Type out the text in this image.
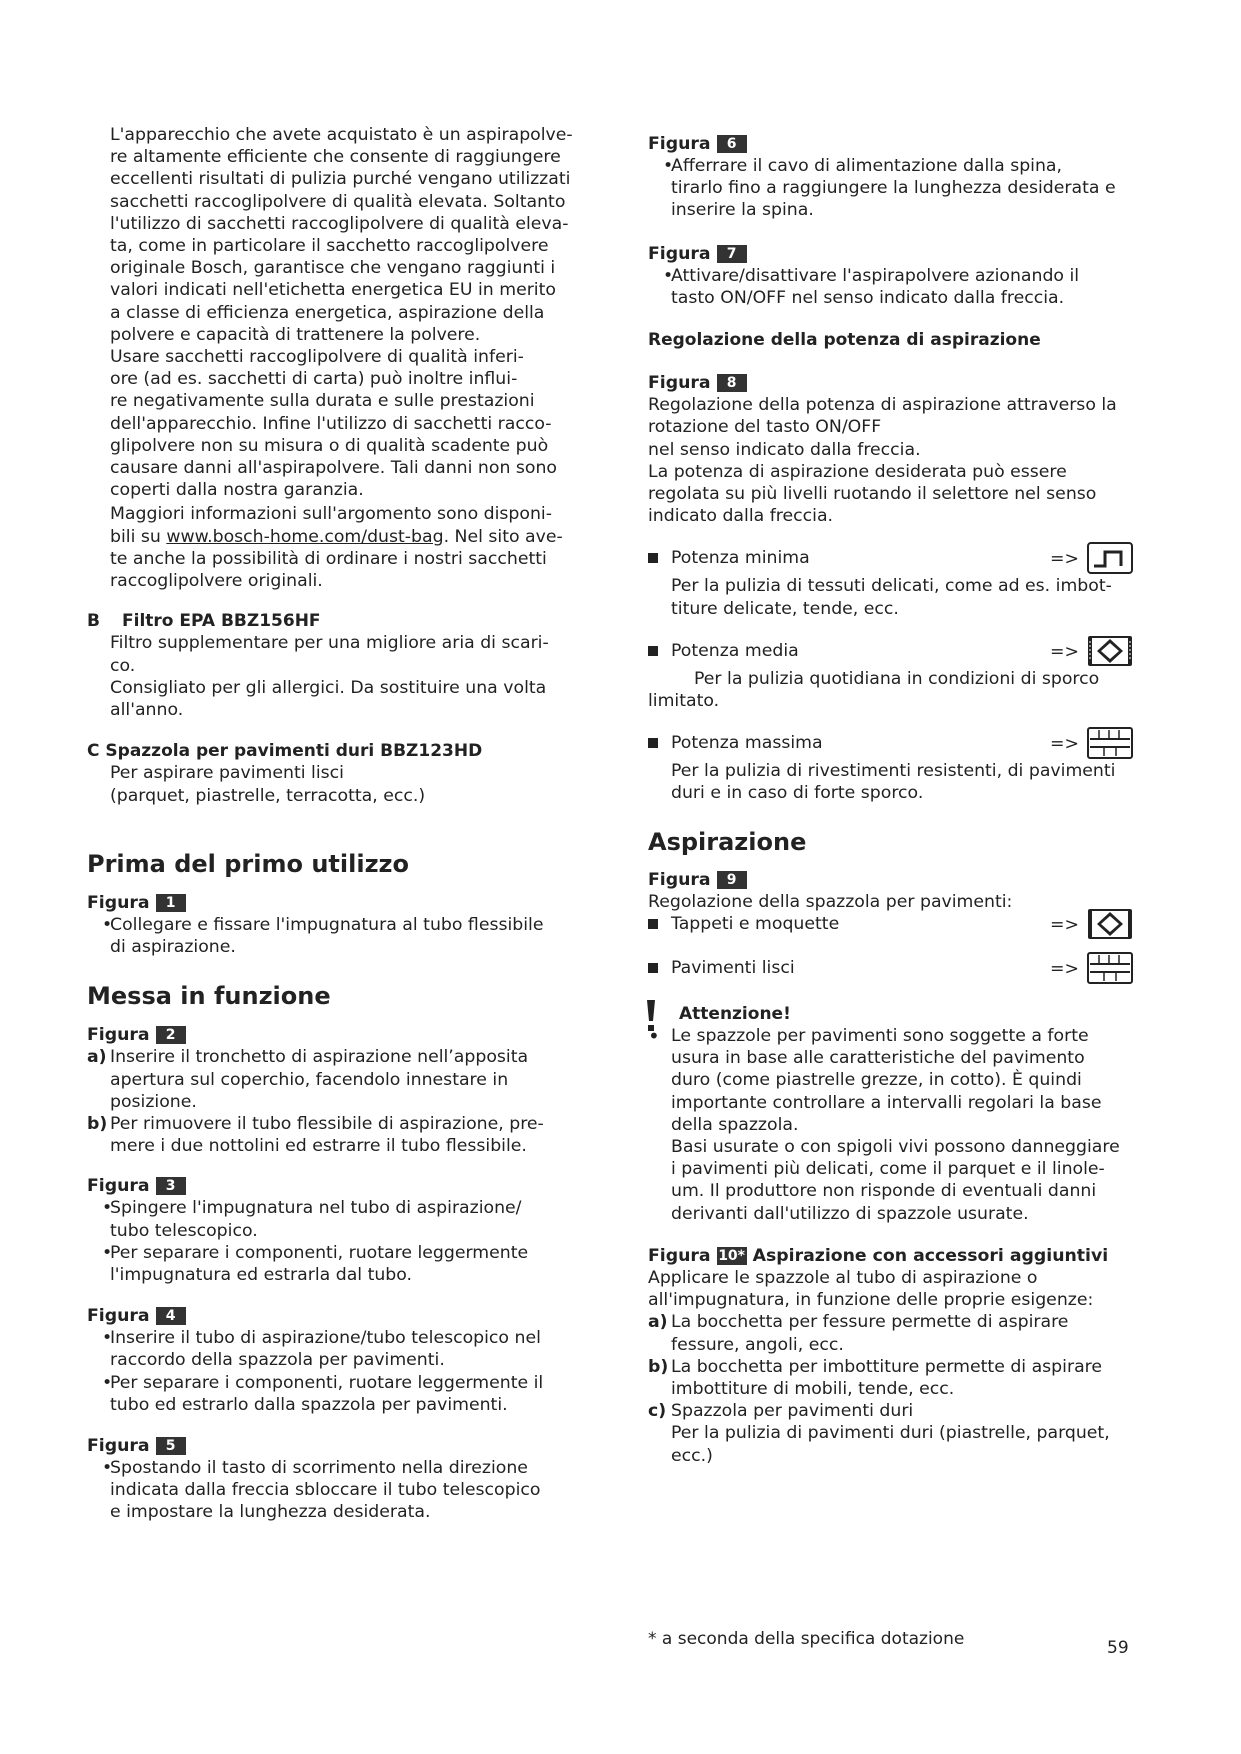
L'apparecchio che avete acquistato è un aspirapolve-

re altamente efficiente che consente di raggiungere

eccellenti risultati di pulizia purché vengano utilizzati

sacchetti raccoglipolvere di qualità elevata. Soltanto

l'utilizzo di sacchetti raccoglipolvere di qualità eleva-

ta, come in particolare il sacchetto raccoglipolvere

originale Bosch, garantisce che vengano raggiunti i

valori indicati nell'etichetta energetica EU in merito

a classe di efficienza energetica, aspirazione della

polvere e capacità di trattenere la polvere.

Usare sacchetti raccoglipolvere di qualità inferi-

ore (ad es. sacchetti di carta) può inoltre influi-

re negativamente sulla durata e sulle prestazioni

dell'apparecchio. Infine l'utilizzo di sacchetti racco-

glipolvere non su misura o di qualità scadente può

causare danni all'aspirapolvere. Tali danni non sono

coperti dalla nostra garanzia.

Maggiori informazioni sull'argomento sono disponi-

bili su www.bosch-home.com/dust-bag. Nel sito ave-

te anche la possibilità di ordinare i nostri sacchetti

raccoglipolvere originali.

B Filtro EPA BBZ156HF

Filtro supplementare per una migliore aria di scari-

co.

Consigliato per gli allergici. Da sostituire una volta

all'anno.

C Spazzola per pavimenti duri BBZ123HD

Per aspirare pavimenti lisci

(parquet, piastrelle, terracotta, ecc.)

Prima del primo utilizzo

Figura 1

•

Collegare e fissare l'impugnatura al tubo flessibile

di aspirazione.

Messa in funzione

Figura 2

a) Inserire il tronchetto di aspirazione nell’apposita

apertura sul coperchio, facendolo innestare in

posizione.

b) Per rimuovere il tubo flessibile di aspirazione, pre-

mere i due nottolini ed estrarre il tubo flessibile.

Figura 3

•

Spingere l'impugnatura nel tubo di aspirazione/

tubo telescopico.

•

Per separare i componenti, ruotare leggermente

l'impugnatura ed estrarla dal tubo.

Figura 4

•

Inserire il tubo di aspirazione/tubo telescopico nel

raccordo della spazzola per pavimenti.

•

Per separare i componenti, ruotare leggermente il

tubo ed estrarlo dalla spazzola per pavimenti.

Figura 5

•

Spostando il tasto di scorrimento nella direzione

indicata dalla freccia sbloccare il tubo telescopico

e impostare la lunghezza desiderata.

Figura 6

•

Afferrare il cavo di alimentazione dalla spina,

tirarlo fino a raggiungere la lunghezza desiderata e

inserire la spina.

Figura 7

•

Attivare/disattivare l'aspirapolvere azionando il

tasto ON/OFF nel senso indicato dalla freccia.

Regolazione della potenza di aspirazione

Figura 8

Regolazione della potenza di aspirazione attraverso la

rotazione del tasto ON/OFF

nel senso indicato dalla freccia.

La potenza di aspirazione desiderata può essere

regolata su più livelli ruotando il selettore nel senso

indicato dalla freccia.

Potenza minima	=>

Per la pulizia di tessuti delicati, come ad es. imbot-

titure delicate, tende, ecc.

Potenza media	=>

Per la pulizia quotidiana in condizioni di sporco

limitato.

Potenza massima	=>

Per la pulizia di rivestimenti resistenti, di pavimenti

duri e in caso di forte sporco.

Aspirazione

Figura 9

Regolazione della spazzola per pavimenti:

Tappeti e moquette	=>
Pavimenti lisci	=>

Attenzione!

• Le spazzole per pavimenti sono soggette a forte

usura in base alle caratteristiche del pavimento

duro (come piastrelle grezze, in cotto). È quindi

importante controllare a intervalli regolari la base

della spazzola.

Basi usurate o con spigoli vivi possono danneggiare

i pavimenti più delicati, come il parquet e il linole-

um. Il produttore non risponde di eventuali danni

derivanti dall'utilizzo di spazzole usurate.

Figura 10* Aspirazione con accessori aggiuntivi

Applicare le spazzole al tubo di aspirazione o

all'impugnatura, in funzione delle proprie esigenze:

a) La bocchetta per fessure permette di aspirare

fessure, angoli, ecc.

b) La bocchetta per imbottiture permette di aspirare

imbottiture di mobili, tende, ecc.

c) Spazzola per pavimenti duri

Per la pulizia di pavimenti duri (piastrelle, parquet,

ecc.)

* a seconda della specifica dotazione	59
